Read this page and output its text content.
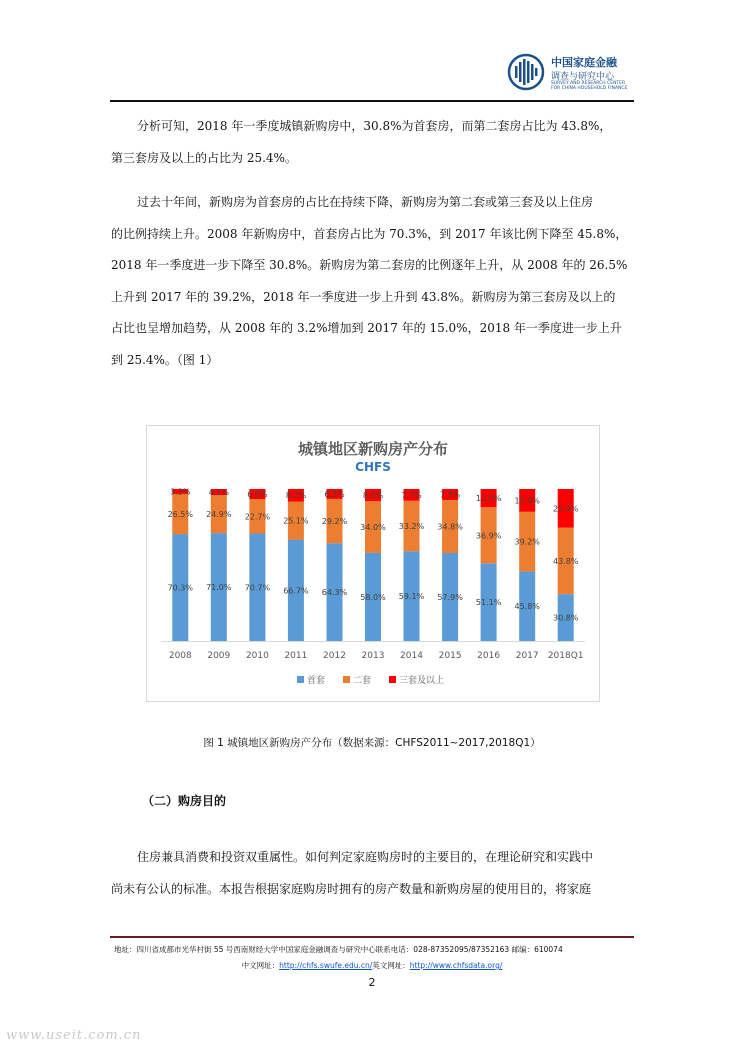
中国家庭金融
调查与研究中心
SURVEY AND RESEARCH CENTER
FOR CHINA HOUSEHOLD FINANCE
分析可知，2018 年一季度城镇新购房中，30.8%为首套房，而第二套房占比为 43.8%，
第三套房及以上的占比为 25.4%。
过去十年间，新购房为首套房的占比在持续下降，新购房为第二套或第三套及以上住房
的比例持续上升。2008 年新购房中，首套房占比为 70.3%，到 2017 年该比例下降至 45.8%，
2018 年一季度进一步下降至 30.8%。新购房为第二套房的比例逐年上升，从 2008 年的 26.5%
上升到 2017 年的 39.2%，2018 年一季度进一步上升到 43.8%。新购房为第三套房及以上的
占比也呈增加趋势，从 2008 年的 3.2%增加到 2017 年的 15.0%，2018 年一季度进一步上升
到 25.4%。（图 1）
城镇地区新购房产分布
CHFS
70.3%
26.5%
3.2%
2008
71.0%
24.9%
4.1%
2009
70.7%
22.7%
6.6%
2010
66.7%
25.1%
8.2%
2011
64.3%
29.2%
6.5%
2012
58.0%
34.0%
8.0%
2013
59.1%
33.2%
7.7%
2014
57.9%
34.8%
7.3%
2015
51.1%
36.9%
12.0%
2016
45.8%
39.2%
15.0%
2017
30.8%
43.8%
25.4%
2018Q1
首套	二套	三套及以上
图 1 城镇地区新购房产分布（数据来源：CHFS2011~2017,2018Q1）
（二）购房目的
住房兼具消费和投资双重属性。如何判定家庭购房时的主要目的，在理论研究和实践中
尚未有公认的标准。本报告根据家庭购房时拥有的房产数量和新购房屋的使用目的，将家庭
地址：四川省成都市光华村街 55 号西南财经大学中国家庭金融调查与研究中心联系电话：028-87352095/87352163 邮编：610074
中文网址：http://chfs.swufe.edu.cn/英文网址：http://www.chfsdata.org/
2
www.useit.com.cn
